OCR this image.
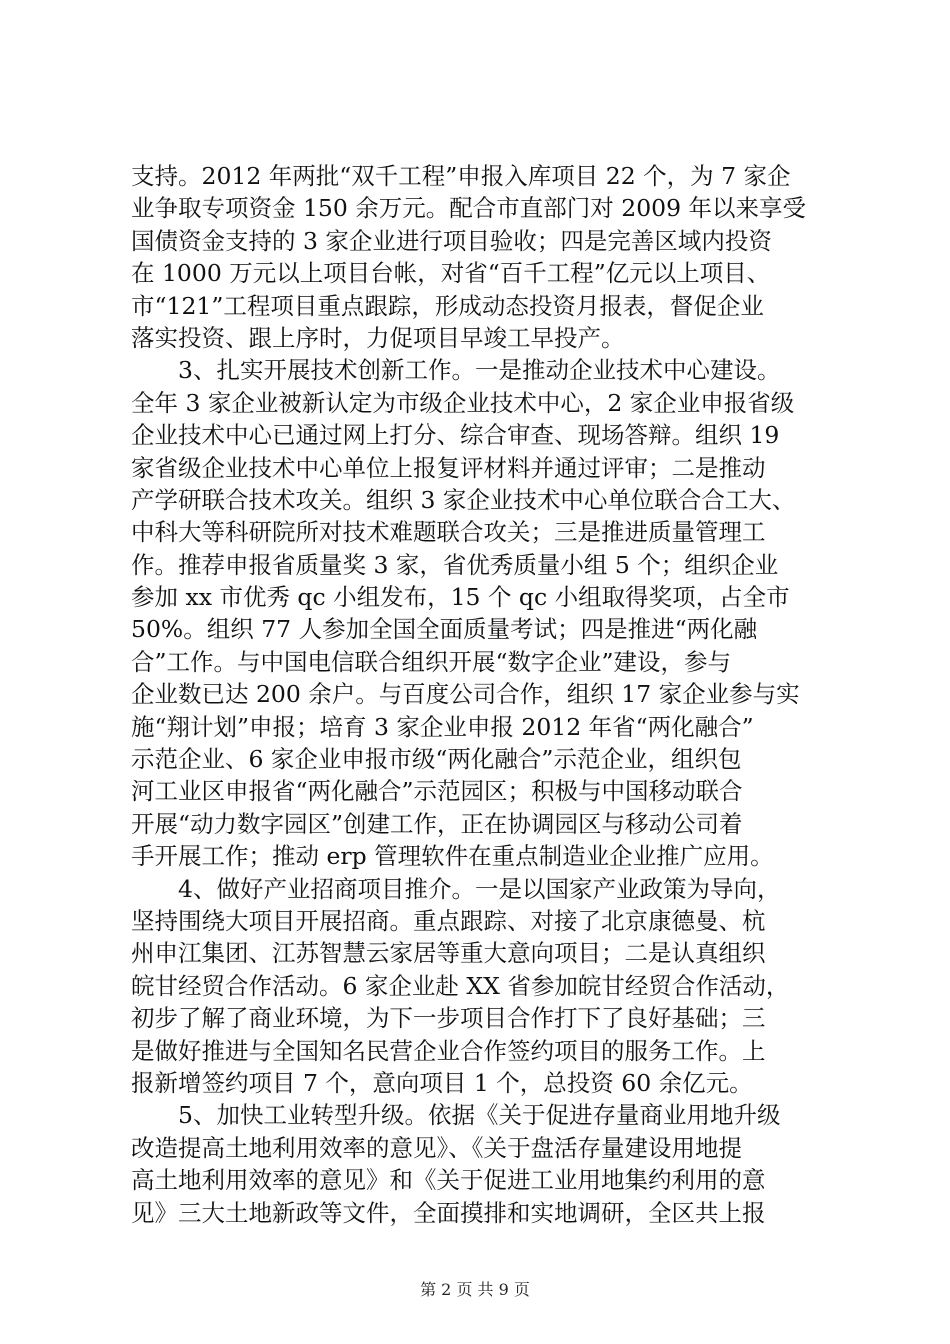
支持。2012 年两批“双千工程”申报入库项目 22 个，为 7 家企
业争取专项资金 150 余万元。配合市直部门对 2009 年以来享受
国债资金支持的 3 家企业进行项目验收；四是完善区域内投资
在 1000 万元以上项目台帐，对省“百千工程”亿元以上项目、
市“121”工程项目重点跟踪，形成动态投资月报表，督促企业
落实投资、跟上序时，力促项目早竣工早投产。
　　3、扎实开展技术创新工作。一是推动企业技术中心建设。
全年 3 家企业被新认定为市级企业技术中心，2 家企业申报省级
企业技术中心已通过网上打分、综合审查、现场答辩。组织 19
家省级企业技术中心单位上报复评材料并通过评审；二是推动
产学研联合技术攻关。组织 3 家企业技术中心单位联合合工大、
中科大等科研院所对技术难题联合攻关；三是推进质量管理工
作。推荐申报省质量奖 3 家，省优秀质量小组 5 个；组织企业
参加 xx 市优秀 qc 小组发布，15 个 qc 小组取得奖项，占全市
50%。组织 77 人参加全国全面质量考试；四是推进“两化融
合”工作。与中国电信联合组织开展“数字企业”建设，参与
企业数已达 200 余户。与百度公司合作，组织 17 家企业参与实
施“翔计划”申报；培育 3 家企业申报 2012 年省“两化融合”
示范企业、6 家企业申报市级“两化融合”示范企业，组织包
河工业区申报省“两化融合”示范园区；积极与中国移动联合
开展“动力数字园区”创建工作，正在协调园区与移动公司着
手开展工作；推动 erp 管理软件在重点制造业企业推广应用。
　　4、做好产业招商项目推介。一是以国家产业政策为导向，
坚持围绕大项目开展招商。重点跟踪、对接了北京康德曼、杭
州申江集团、江苏智慧云家居等重大意向项目；二是认真组织
皖甘经贸合作活动。6 家企业赴 XX 省参加皖甘经贸合作活动，
初步了解了商业环境，为下一步项目合作打下了良好基础；三
是做好推进与全国知名民营企业合作签约项目的服务工作。上
报新增签约项目 7 个，意向项目 1 个，总投资 60 余亿元。
　　5、加快工业转型升级。依据《关于促进存量商业用地升级
改造提高土地利用效率的意见》、《关于盘活存量建设用地提
高土地利用效率的意见》和《关于促进工业用地集约利用的意
见》三大土地新政等文件，全面摸排和实地调研，全区共上报
第 2 页 共 9 页
